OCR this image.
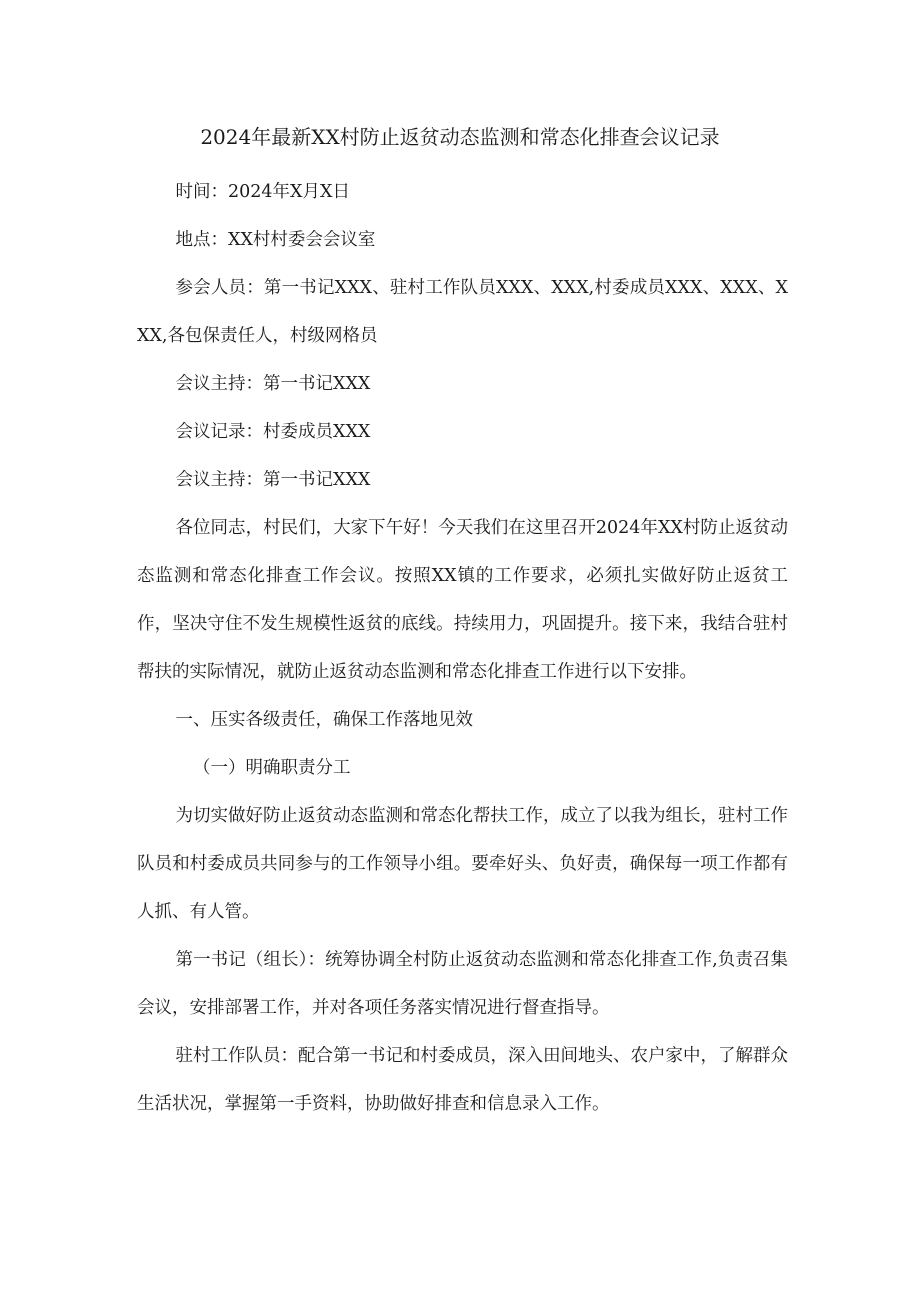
2024年最新XX村防止返贫动态监测和常态化排查会议记录

时间：2024年X月X日

地点：XX村村委会会议室

参会人员：第一书记XXX、驻村工作队员XXX、XXX,村委成员XXX、XXX、XXX,各包保责任人，村级网格员

会议主持：第一书记XXX

会议记录：村委成员XXX

会议主持：第一书记XXX

各位同志，村民们，大家下午好！今天我们在这里召开2024年XX村防止返贫动态监测和常态化排查工作会议。按照XX镇的工作要求，必须扎实做好防止返贫工作，坚决守住不发生规模性返贫的底线。持续用力，巩固提升。接下来，我结合驻村帮扶的实际情况，就防止返贫动态监测和常态化排查工作进行以下安排。

一、压实各级责任，确保工作落地见效

（一）明确职责分工

为切实做好防止返贫动态监测和常态化帮扶工作，成立了以我为组长，驻村工作队员和村委成员共同参与的工作领导小组。要牵好头、负好责，确保每一项工作都有人抓、有人管。

第一书记（组长）：统筹协调全村防止返贫动态监测和常态化排查工作,负责召集会议，安排部署工作，并对各项任务落实情况进行督查指导。

驻村工作队员：配合第一书记和村委成员，深入田间地头、农户家中，了解群众生活状况，掌握第一手资料，协助做好排查和信息录入工作。
